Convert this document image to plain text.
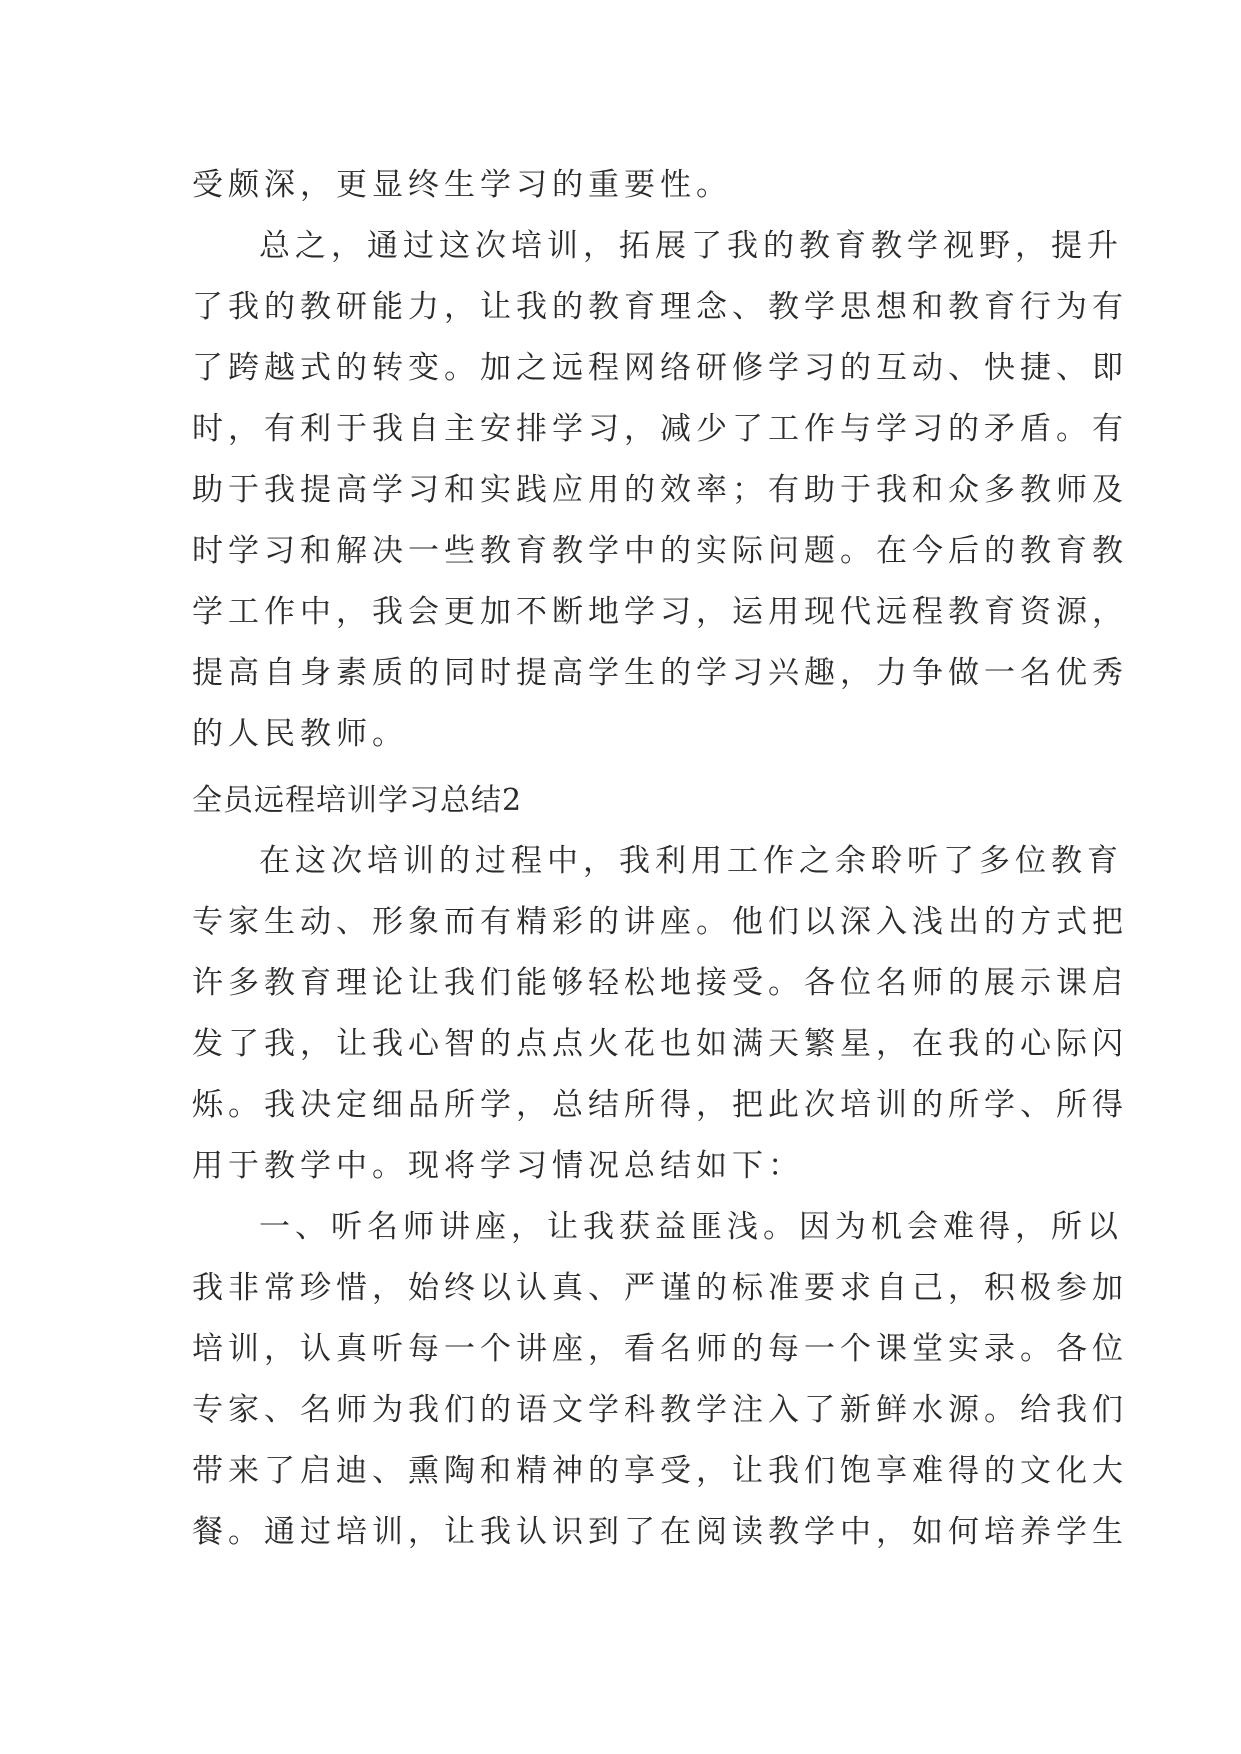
受颇深，更显终生学习的重要性。
总之，通过这次培训，拓展了我的教育教学视野，提升
了我的教研能力，让我的教育理念、教学思想和教育行为有
了跨越式的转变。加之远程网络研修学习的互动、快捷、即
时，有利于我自主安排学习，减少了工作与学习的矛盾。有
助于我提高学习和实践应用的效率；有助于我和众多教师及
时学习和解决一些教育教学中的实际问题。在今后的教育教
学工作中，我会更加不断地学习，运用现代远程教育资源，
提高自身素质的同时提高学生的学习兴趣，力争做一名优秀
的人民教师。
全员远程培训学习总结2
在这次培训的过程中，我利用工作之余聆听了多位教育
专家生动、形象而有精彩的讲座。他们以深入浅出的方式把
许多教育理论让我们能够轻松地接受。各位名师的展示课启
发了我，让我心智的点点火花也如满天繁星，在我的心际闪
烁。我决定细品所学，总结所得，把此次培训的所学、所得
用于教学中。现将学习情况总结如下：
一、听名师讲座，让我获益匪浅。因为机会难得，所以
我非常珍惜，始终以认真、严谨的标准要求自己，积极参加
培训，认真听每一个讲座，看名师的每一个课堂实录。各位
专家、名师为我们的语文学科教学注入了新鲜水源。给我们
带来了启迪、熏陶和精神的享受，让我们饱享难得的文化大
餐。通过培训，让我认识到了在阅读教学中，如何培养学生
